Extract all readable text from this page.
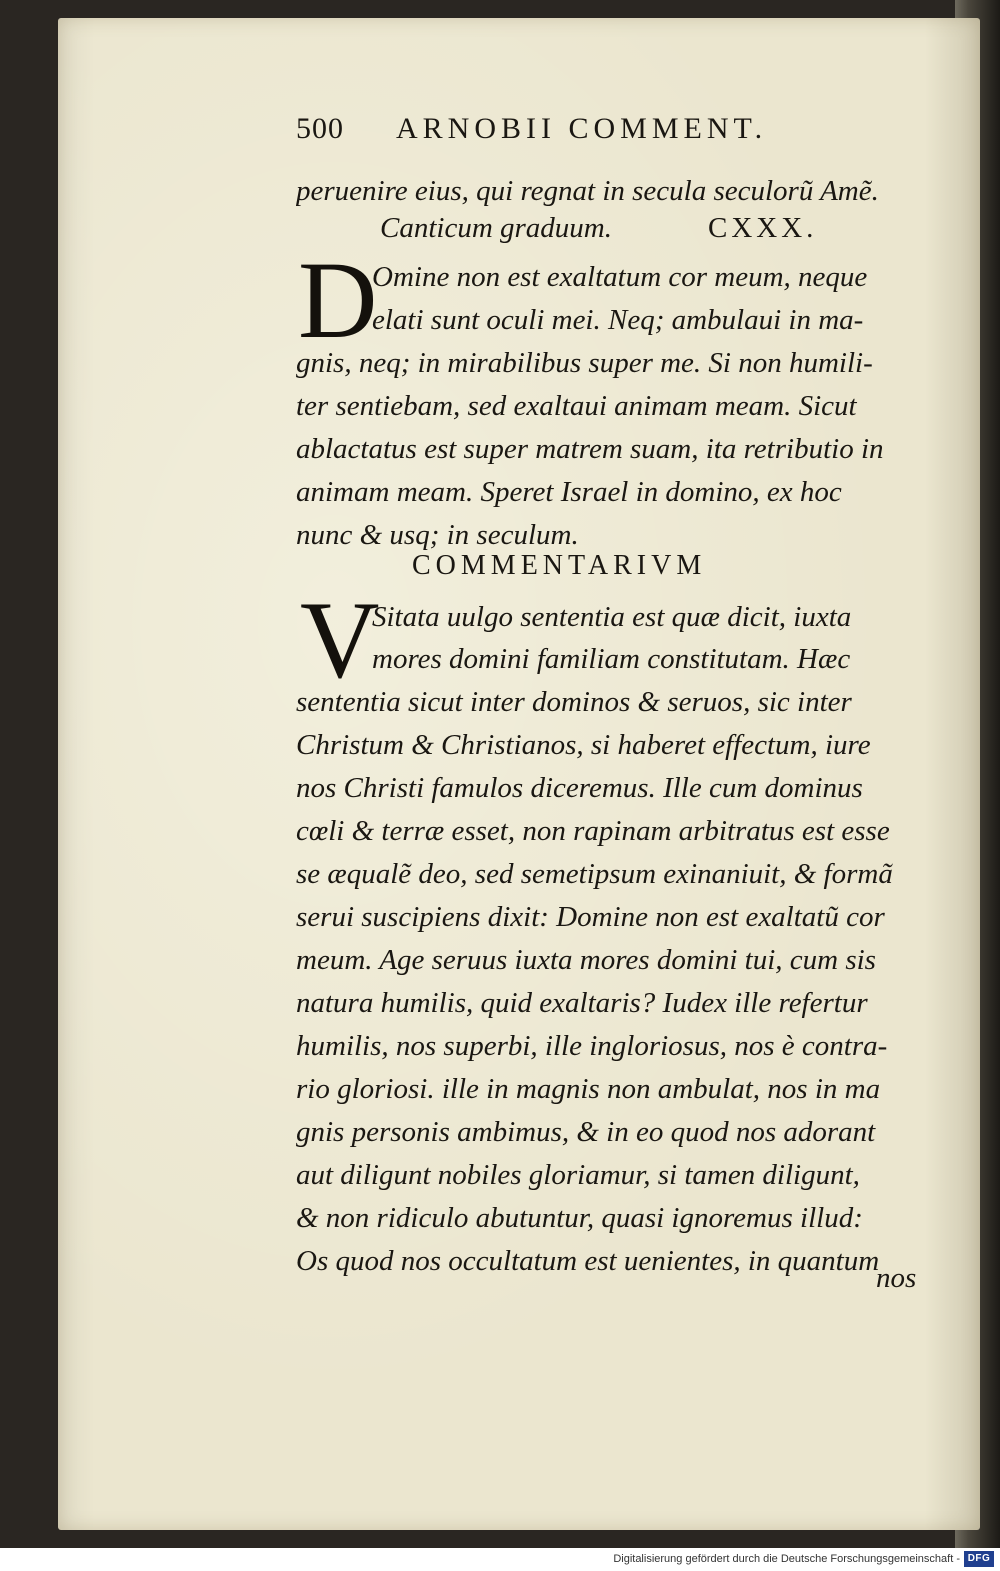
500 ARNOBII COMMENT.
peruenire eius, qui regnat in secula seculorũ Amẽ.
Canticum graduum.	CXXX.
D
Omine non est exaltatum cor meum, neque
elati sunt oculi mei. Neq; ambulaui in ma-
gnis, neq; in mirabilibus super me. Si non humili-
ter sentiebam, sed exaltaui animam meam. Sicut
ablactatus est super matrem suam, ita retributio in
animam meam. Speret Israel in domino, ex hoc
nunc & usq; in seculum.
COMMENTARIVM
V
Sitata uulgo sententia est quæ dicit, iuxta
mores domini familiam constitutam. Hæc
sententia sicut inter dominos & seruos, sic inter
Christum & Christianos, si haberet effectum, iure
nos Christi famulos diceremus. Ille cum dominus
cœli & terræ esset, non rapinam arbitratus est esse
se æqualẽ deo, sed semetipsum exinaniuit, & formã
serui suscipiens dixit: Domine non est exaltatũ cor
meum. Age seruus iuxta mores domini tui, cum sis
natura humilis, quid exaltaris? Iudex ille refertur
humilis, nos superbi, ille ingloriosus, nos è contra-
rio gloriosi. ille in magnis non ambulat, nos in ma
gnis personis ambimus, & in eo quod nos adorant
aut diligunt nobiles gloriamur, si tamen diligunt,
& non ridiculo abutuntur, quasi ignoremus illud:
Os quod nos occultatum est uenientes, in quantum
nos
Digitalisierung gefördert durch die Deutsche Forschungsgemeinschaft - DFG
